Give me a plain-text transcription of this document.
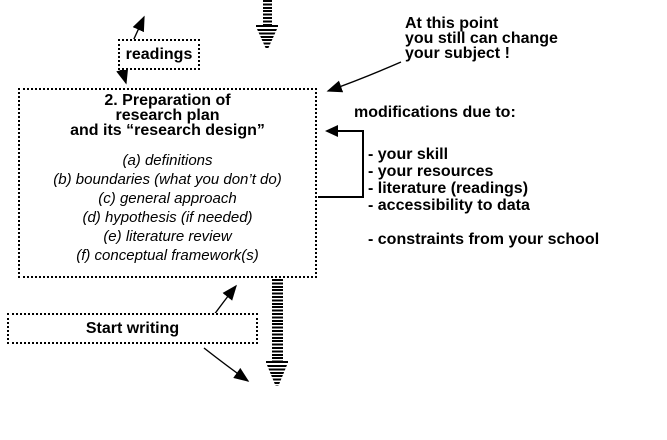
readings
2. Preparation of
research plan
and its “research design”
(a) definitions
(b) boundaries (what you don’t do)
(c) general approach
(d) hypothesis (if needed)
(e) literature review
(f) conceptual framework(s)
At this point
you still can change
your subject !
modifications due to:
- your skill
- your resources
- literature (readings)
- accessibility to data
- constraints from your school
Start writing
